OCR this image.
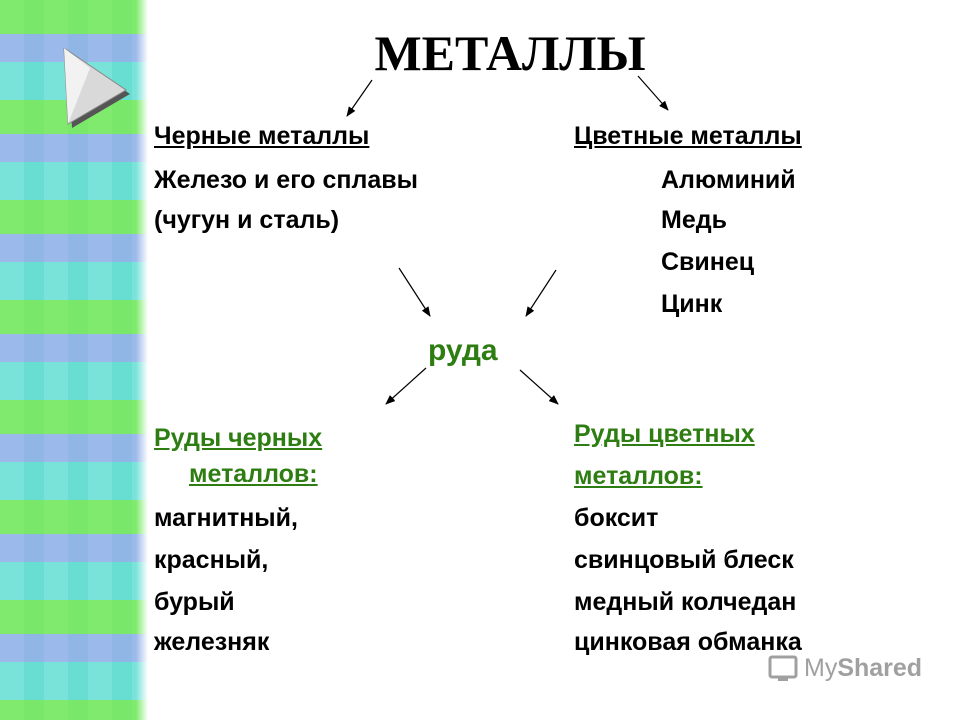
МЕТАЛЛЫ
Черные металлы
Железо и его сплавы
(чугун и сталь)
Цветные металлы
Алюминий
Медь
Свинец
Цинк
руда
Руды черных
металлов:
магнитный,
красный,
бурый
железняк
Руды цветных
металлов:
боксит
свинцовый блеск
медный колчедан
цинковая обманка
My Shared
